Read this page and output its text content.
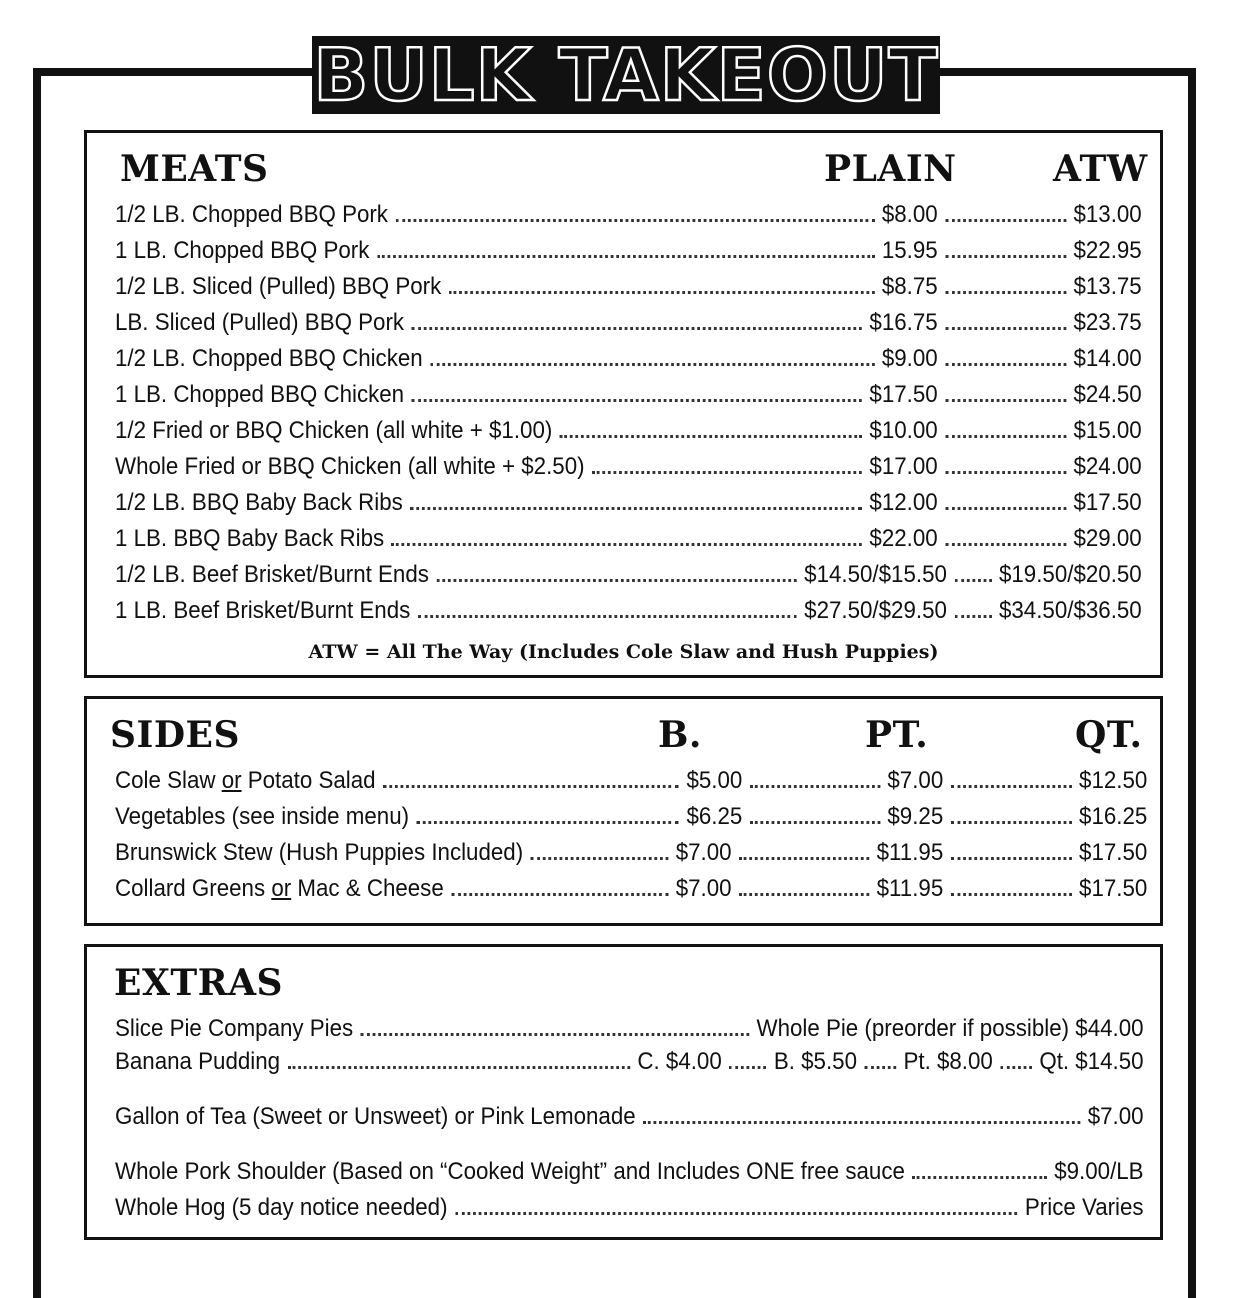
BULK TAKEOUT
MEATS	PLAIN	ATW
1/2 LB. Chopped BBQ Pork	$8.00	$13.00
1 LB. Chopped BBQ Pork	15.95	$22.95
1/2 LB. Sliced (Pulled) BBQ Pork	$8.75	$13.75
LB. Sliced (Pulled) BBQ Pork	$16.75	$23.75
1/2 LB. Chopped BBQ Chicken	$9.00	$14.00
1 LB. Chopped BBQ Chicken	$17.50	$24.50
1/2 Fried or BBQ Chicken (all white + $1.00)	$10.00	$15.00
Whole Fried or BBQ Chicken (all white + $2.50)	$17.00	$24.00
1/2 LB. BBQ Baby Back Ribs	$12.00	$17.50
1 LB. BBQ Baby Back Ribs	$22.00	$29.00
1/2 LB. Beef Brisket/Burnt Ends	$14.50/$15.50 $19.50/$20.50
1 LB. Beef Brisket/Burnt Ends	$27.50/$29.50 $34.50/$36.50
ATW = All The Way (Includes Cole Slaw and Hush Puppies)
SIDES	B.	PT.	QT.
Cole Slaw or Potato Salad	$5.00	$7.00	$12.50
Vegetables (see inside menu)	$6.25	$9.25	$16.25
Brunswick Stew (Hush Puppies Included)	$7.00	$11.95	$17.50
Collard Greens or Mac & Cheese	$7.00	$11.95	$17.50
EXTRAS
Slice Pie Company Pies	Whole Pie (preorder if possible) $44.00
Banana Pudding	C. $4.00 B. $5.50 Pt. $8.00 Qt. $14.50
Gallon of Tea (Sweet or Unsweet) or Pink Lemonade	$7.00
Whole Pork Shoulder (Based on “Cooked Weight” and Includes ONE free sauce	$9.00/LB
Whole Hog (5 day notice needed)	Price Varies
